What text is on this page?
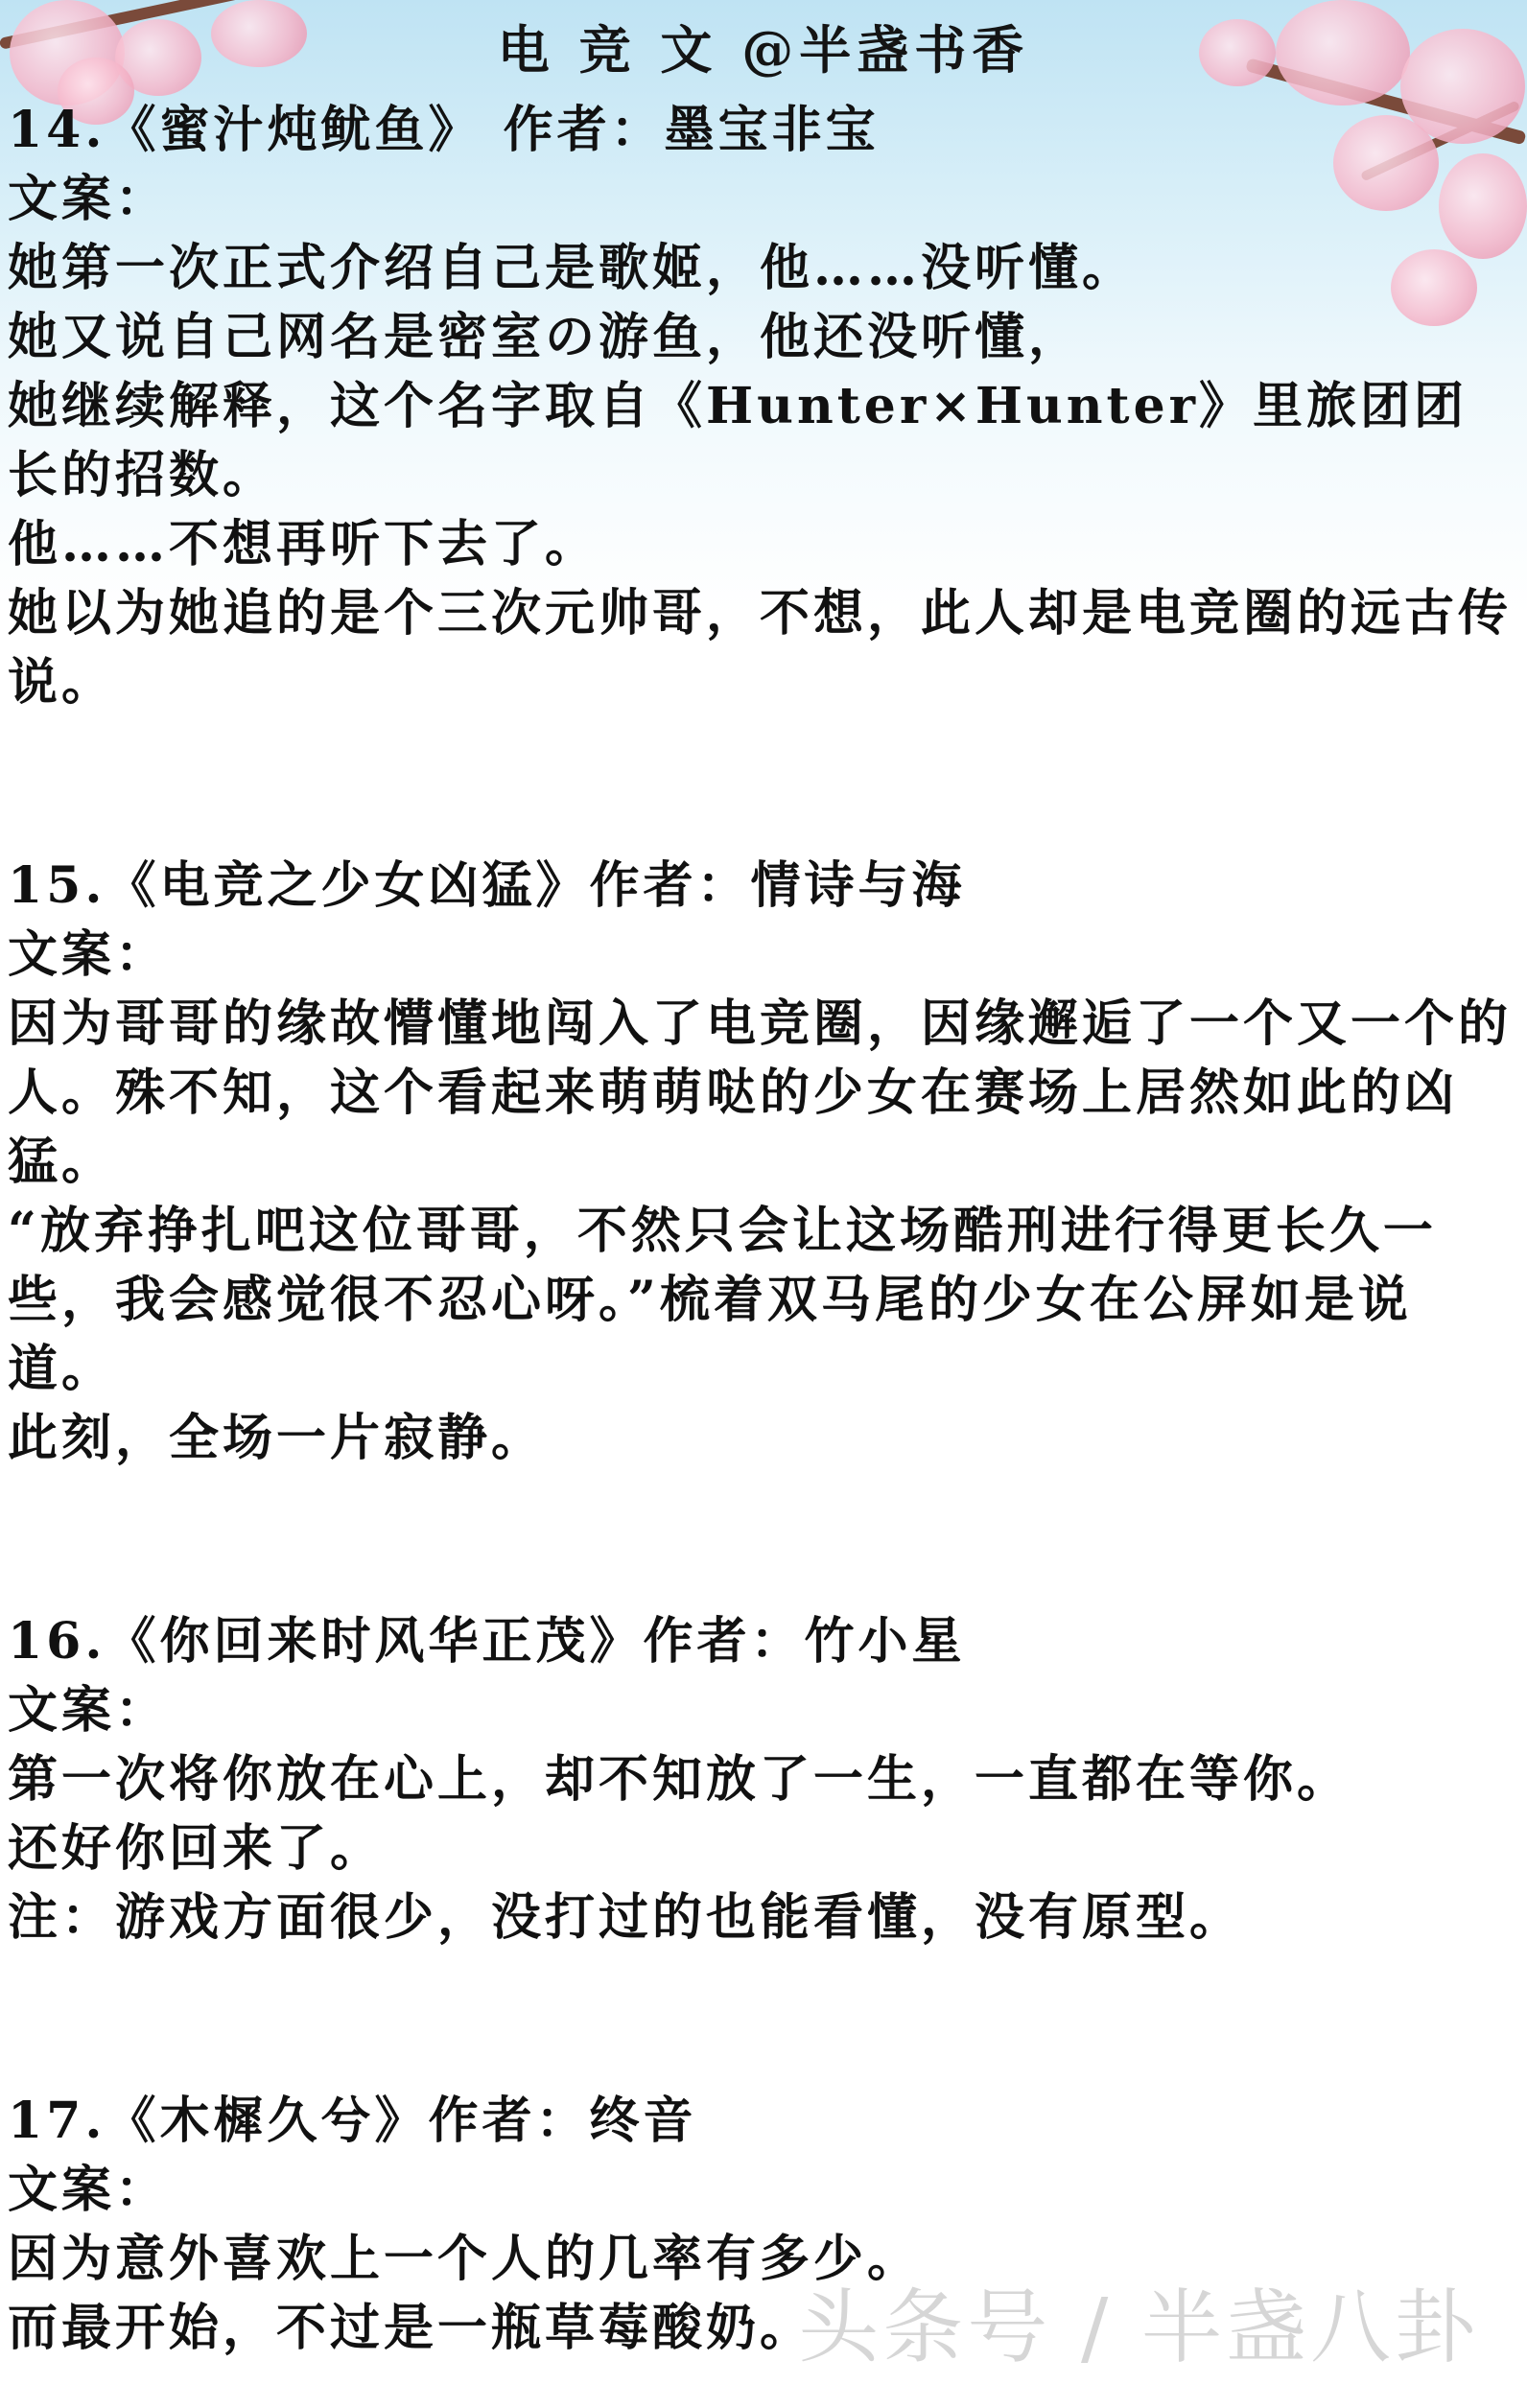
电 竞 文 @半盏书香

14.《蜜汁炖鱿鱼》 作者：墨宝非宝

文案：

她第一次正式介绍自己是歌姬，他……没听懂。

她又说自己网名是密室の游鱼，他还没听懂，

她继续解释，这个名字取自《Hunter×Hunter》里旅团团长的招数。

他……不想再听下去了。

她以为她追的是个三次元帅哥，不想，此人却是电竞圈的远古传说。

15.《电竞之少女凶猛》作者：情诗与海

文案：

因为哥哥的缘故懵懂地闯入了电竞圈，因缘邂逅了一个又一个的人。殊不知，这个看起来萌萌哒的少女在赛场上居然如此的凶猛。

“放弃挣扎吧这位哥哥，不然只会让这场酷刑进行得更长久一些，我会感觉很不忍心呀。”梳着双马尾的少女在公屏如是说道。

此刻，全场一片寂静。

16.《你回来时风华正茂》作者：竹小星

文案：

第一次将你放在心上，却不知放了一生，一直都在等你。

还好你回来了。

注：游戏方面很少，没打过的也能看懂，没有原型。

17.《木樨久兮》作者：终音

文案：

因为意外喜欢上一个人的几率有多少。

而最开始，不过是一瓶草莓酸奶。

头条号 / 半盏八卦
